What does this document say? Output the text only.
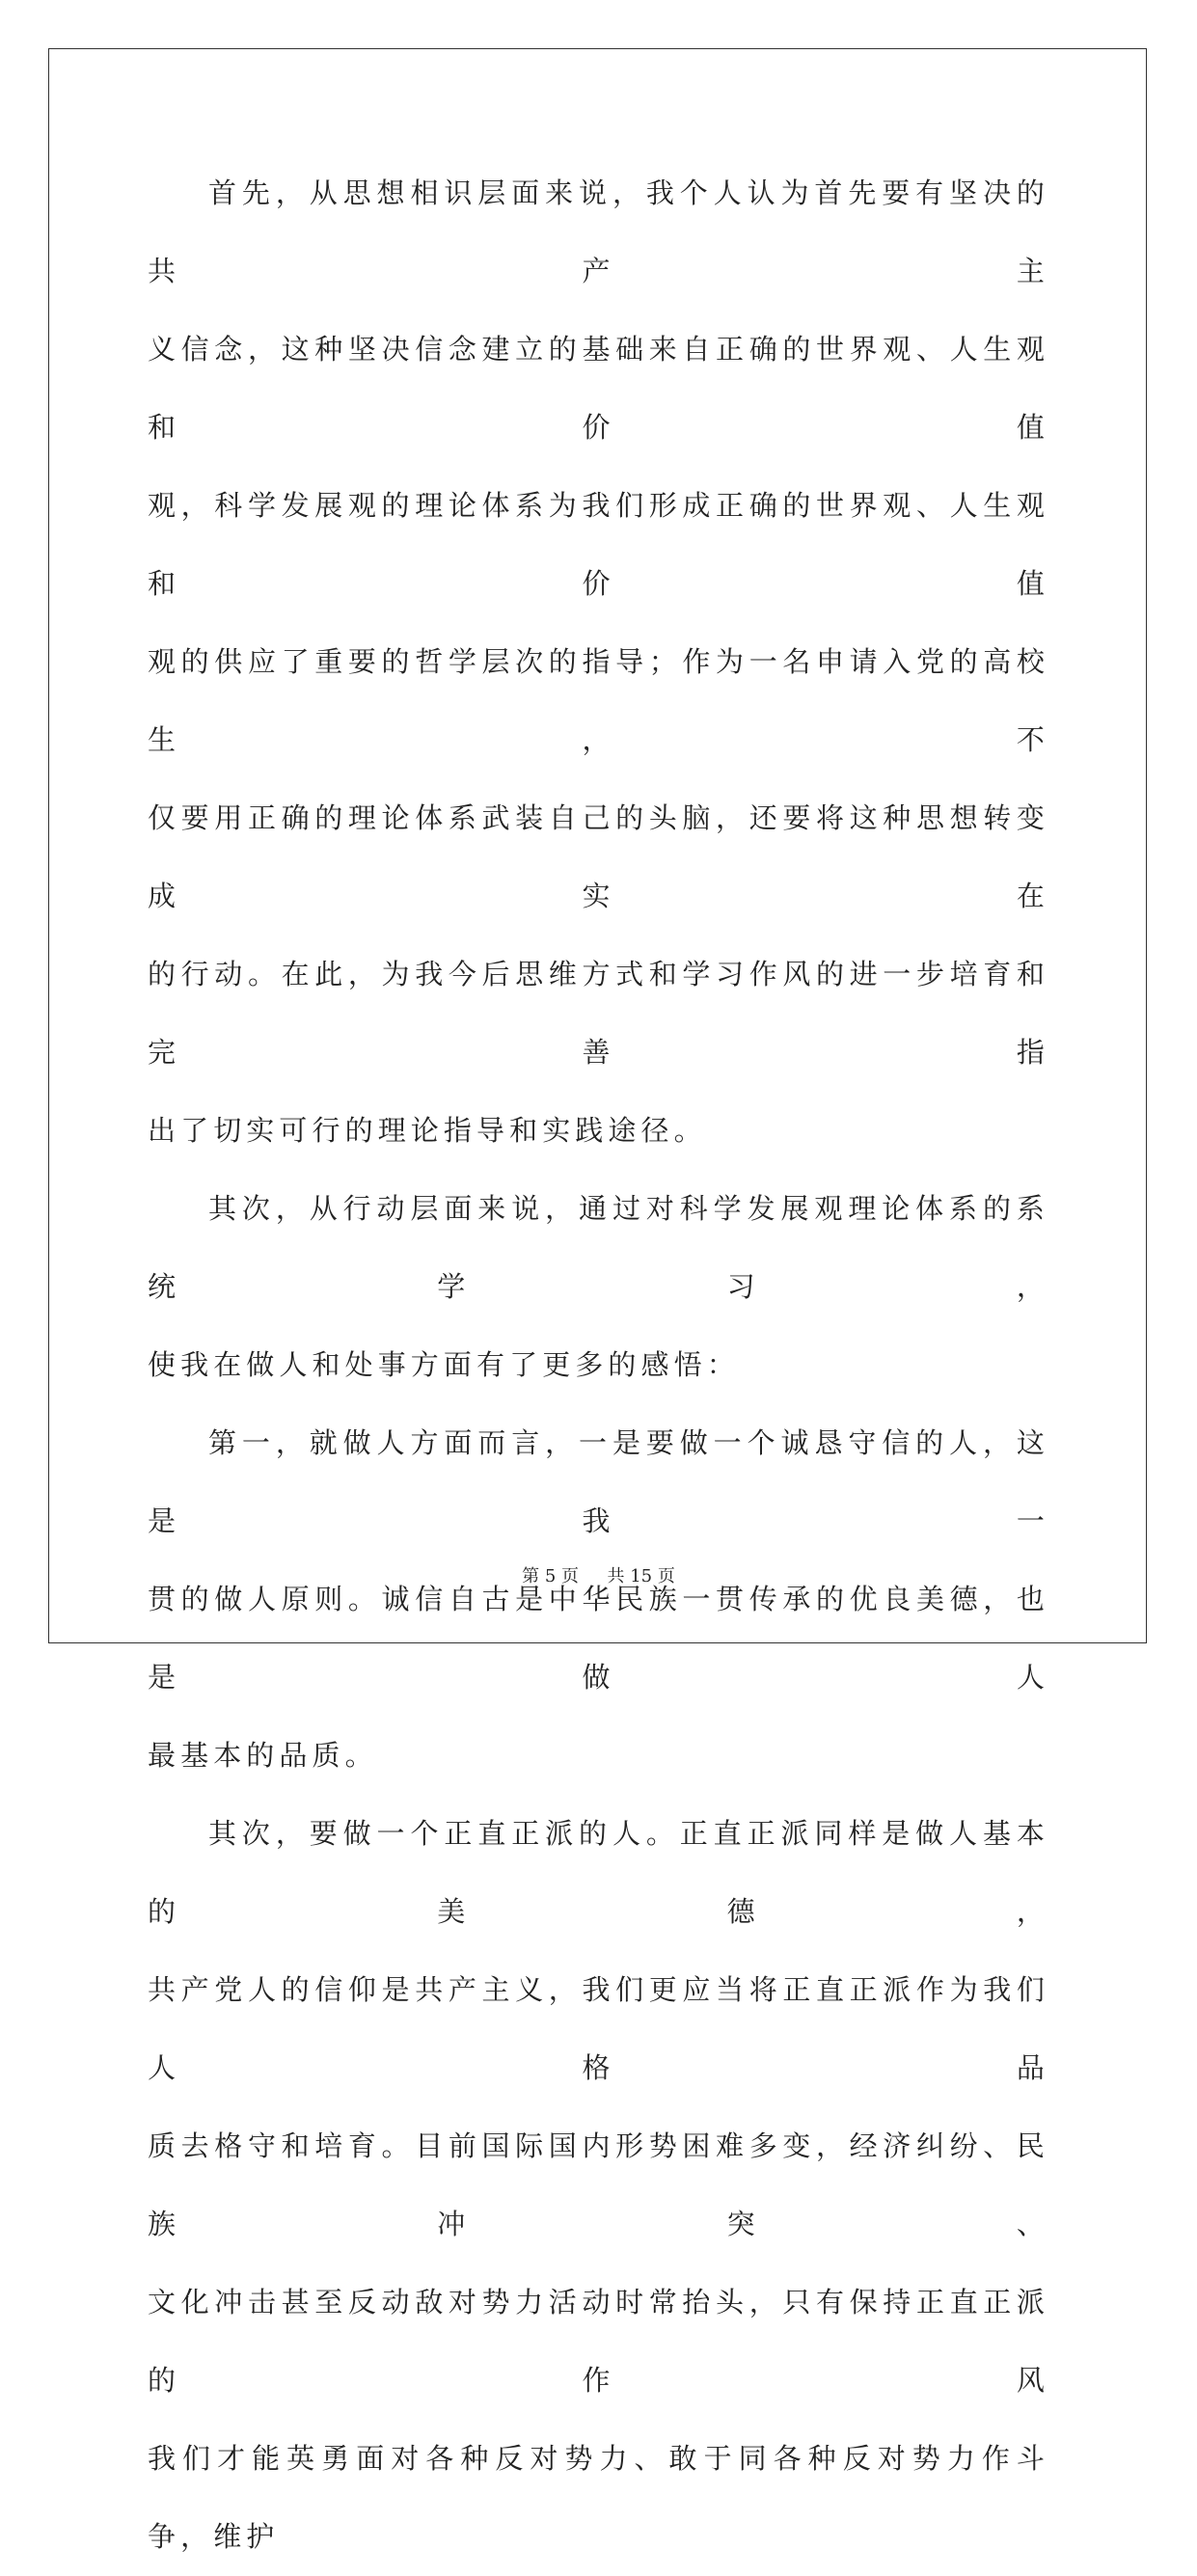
首先，从思想相识层面来说，我个人认为首先要有坚决的共产主
义信念，这种坚决信念建立的基础来自正确的世界观、人生观和价值
观，科学发展观的理论体系为我们形成正确的世界观、人生观和价值
观的供应了重要的哲学层次的指导；作为一名申请入党的高校生，不
仅要用正确的理论体系武装自己的头脑，还要将这种思想转变成实在
的行动。在此，为我今后思维方式和学习作风的进一步培育和完善指
出了切实可行的理论指导和实践途径。

其次，从行动层面来说，通过对科学发展观理论体系的系统学习，
使我在做人和处事方面有了更多的感悟：

第一，就做人方面而言，一是要做一个诚恳守信的人，这是我一
贯的做人原则。诚信自古是中华民族一贯传承的优良美德，也是做人
最基本的品质。

其次，要做一个正直正派的人。正直正派同样是做人基本的美德，
共产党人的信仰是共产主义，我们更应当将正直正派作为我们人格品
质去格守和培育。目前国际国内形势困难多变，经济纠纷、民族冲突、
文化冲击甚至反动敌对势力活动时常抬头，只有保持正直正派的作风
我们才能英勇面对各种反对势力、敢于同各种反对势力作斗争，维护

第 5 页 共 15 页
